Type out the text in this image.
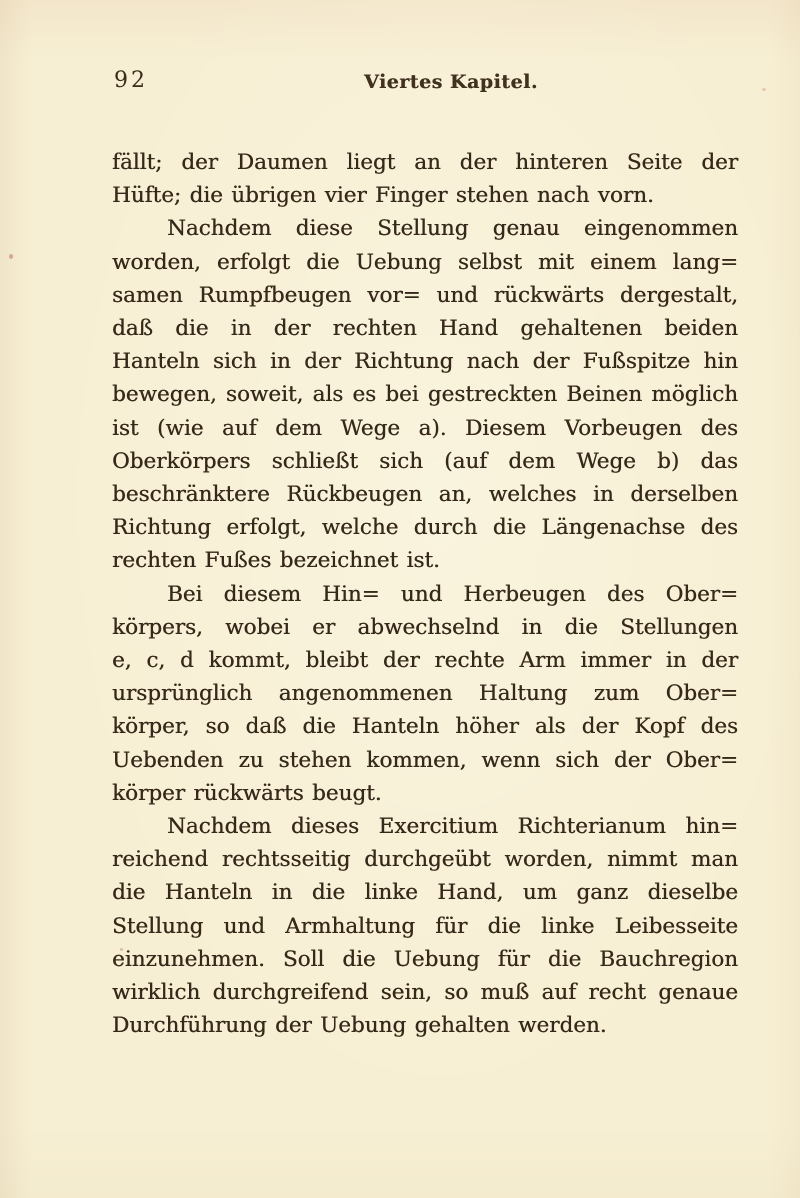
92	Viertes Kapitel.

fällt; der Daumen liegt an der hinteren Seite der
Hüfte; die übrigen vier Finger stehen nach vorn.

Nachdem diese Stellung genau eingenommen
worden, erfolgt die Uebung selbst mit einem lang=
samen Rumpfbeugen vor= und rückwärts dergestalt,
daß die in der rechten Hand gehaltenen beiden
Hanteln sich in der Richtung nach der Fußspitze hin
bewegen, soweit, als es bei gestreckten Beinen möglich
ist (wie auf dem Wege a). Diesem Vorbeugen des
Oberkörpers schließt sich (auf dem Wege b) das
beschränktere Rückbeugen an, welches in derselben
Richtung erfolgt, welche durch die Längenachse des
rechten Fußes bezeichnet ist.

Bei diesem Hin= und Herbeugen des Ober=
körpers, wobei er abwechselnd in die Stellungen
e, c, d kommt, bleibt der rechte Arm immer in der
ursprünglich angenommenen Haltung zum Ober=
körper, so daß die Hanteln höher als der Kopf des
Uebenden zu stehen kommen, wenn sich der Ober=
körper rückwärts beugt.

Nachdem dieses Exercitium Richterianum hin=
reichend rechtsseitig durchgeübt worden, nimmt man
die Hanteln in die linke Hand, um ganz dieselbe
Stellung und Armhaltung für die linke Leibesseite
einzunehmen. Soll die Uebung für die Bauchregion
wirklich durchgreifend sein, so muß auf recht genaue
Durchführung der Uebung gehalten werden.
